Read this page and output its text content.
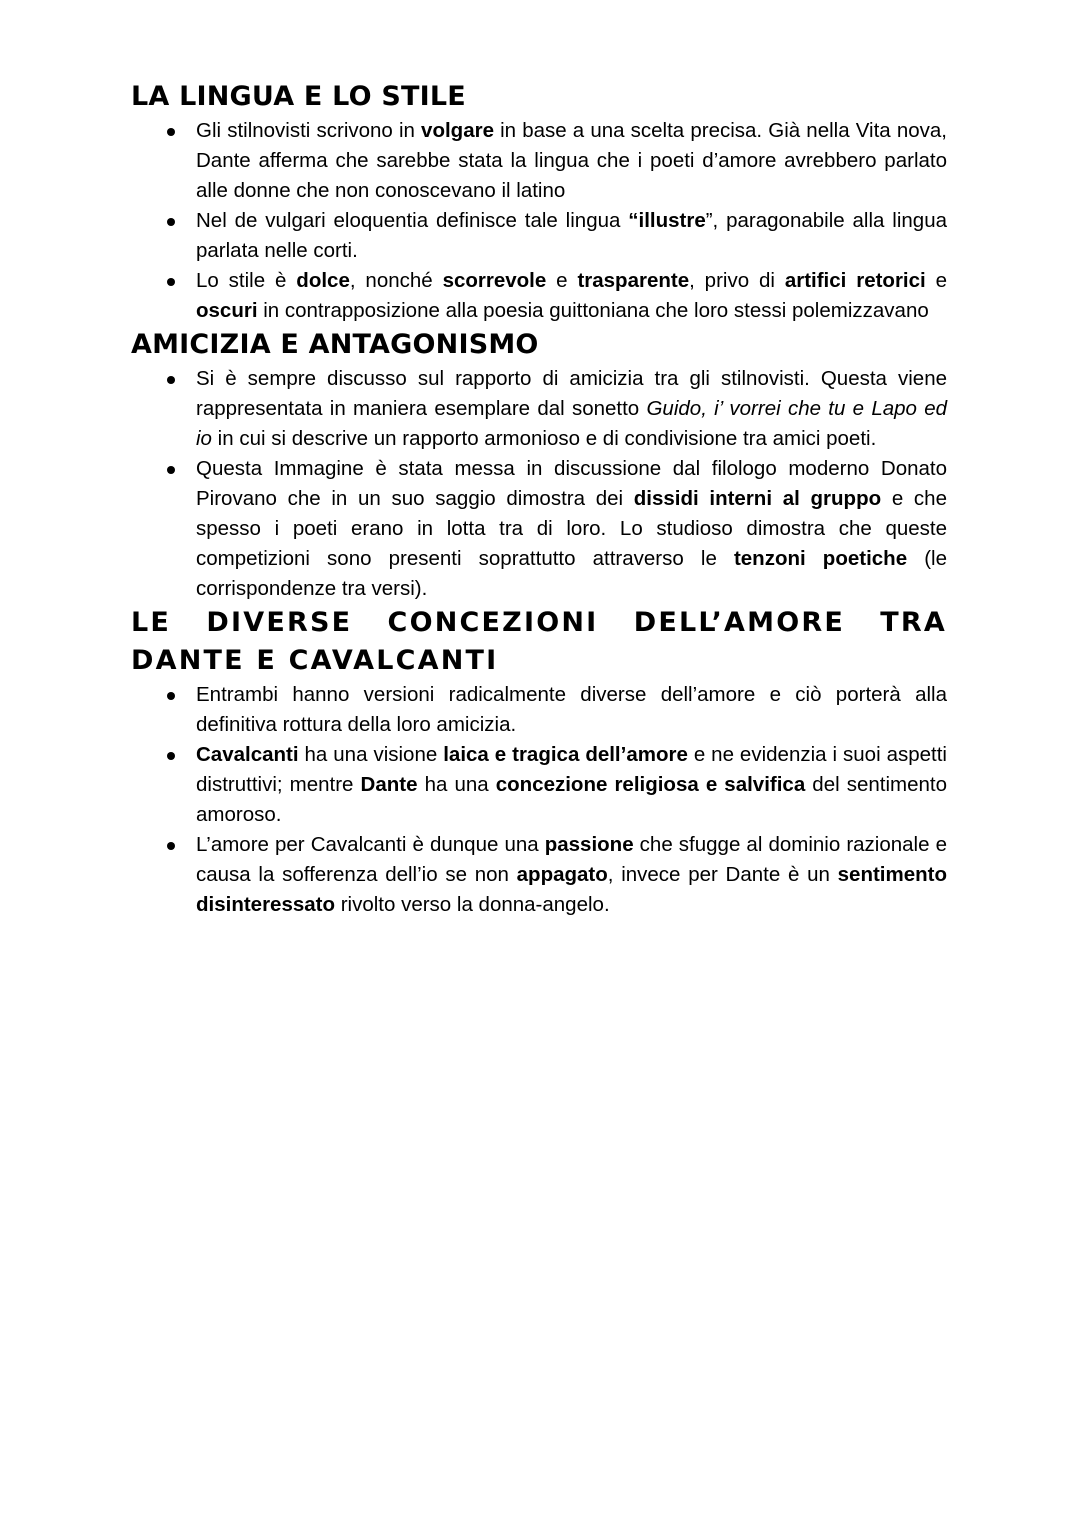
LA LINGUA E LO STILE
Gli stilnovisti scrivono in volgare in base a una scelta precisa. Già nella Vita nova, Dante afferma che sarebbe stata la lingua che i poeti d’amore avrebbero parlato alle donne che non conoscevano il latino
Nel de vulgari eloquentia definisce tale lingua “illustre”, paragonabile alla lingua parlata nelle corti.
Lo stile è dolce, nonché scorrevole e trasparente, privo di artifici retorici e oscuri in contrapposizione alla poesia guittoniana che loro stessi polemizzavano
AMICIZIA E ANTAGONISMO
Si è sempre discusso sul rapporto di amicizia tra gli stilnovisti. Questa viene rappresentata in maniera esemplare dal sonetto Guido, i’ vorrei che tu e Lapo ed io in cui si descrive un rapporto armonioso e di condivisione tra amici poeti.
Questa Immagine è stata messa in discussione dal filologo moderno Donato Pirovano che in un suo saggio dimostra dei dissidi interni al gruppo e che spesso i poeti erano in lotta tra di loro. Lo studioso dimostra che queste competizioni sono presenti soprattutto attraverso le tenzoni poetiche (le corrispondenze tra versi).
LE DIVERSE CONCEZIONI DELL’AMORE TRA DANTE E CAVALCANTI
Entrambi hanno versioni radicalmente diverse dell’amore e ciò porterà alla definitiva rottura della loro amicizia.
Cavalcanti ha una visione laica e tragica dell’amore e ne evidenzia i suoi aspetti distruttivi; mentre Dante ha una concezione religiosa e salvifica del sentimento amoroso.
L’amore per Cavalcanti è dunque una passione che sfugge al dominio razionale e causa la sofferenza dell’io se non appagato, invece per Dante è un sentimento disinteressato rivolto verso la donna-angelo.
